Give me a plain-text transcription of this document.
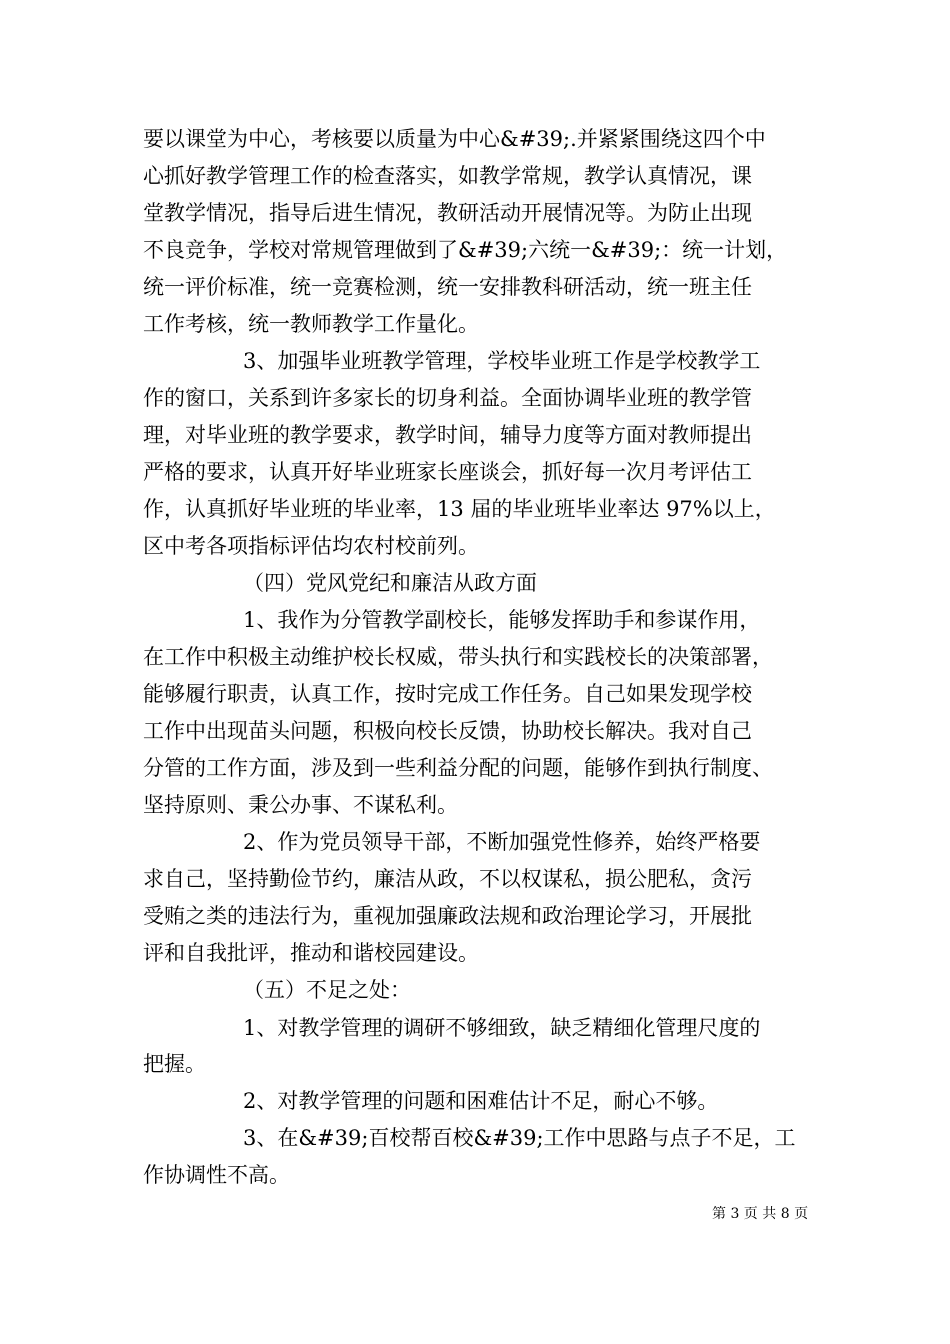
要以课堂为中心，考核要以质量为中心&#39;.并紧紧围绕这四个中
心抓好教学管理工作的检查落实，如教学常规，教学认真情况，课
堂教学情况，指导后进生情况，教研活动开展情况等。为防止出现
不良竞争，学校对常规管理做到了&#39;六统一&#39;：统一计划，
统一评价标准，统一竞赛检测，统一安排教科研活动，统一班主任
工作考核，统一教师教学工作量化。
3、加强毕业班教学管理，学校毕业班工作是学校教学工
作的窗口，关系到许多家长的切身利益。全面协调毕业班的教学管
理，对毕业班的教学要求，教学时间，辅导力度等方面对教师提出
严格的要求，认真开好毕业班家长座谈会，抓好每一次月考评估工
作，认真抓好毕业班的毕业率，13 届的毕业班毕业率达 97%以上，
区中考各项指标评估均农村校前列。
（四）党风党纪和廉洁从政方面
1、我作为分管教学副校长，能够发挥助手和参谋作用，
在工作中积极主动维护校长权威，带头执行和实践校长的决策部署，
能够履行职责，认真工作，按时完成工作任务。自己如果发现学校
工作中出现苗头问题，积极向校长反馈，协助校长解决。我对自己
分管的工作方面，涉及到一些利益分配的问题，能够作到执行制度、
坚持原则、秉公办事、不谋私利。
2、作为党员领导干部，不断加强党性修养，始终严格要
求自己，坚持勤俭节约，廉洁从政，不以权谋私，损公肥私，贪污
受贿之类的违法行为，重视加强廉政法规和政治理论学习，开展批
评和自我批评，推动和谐校园建设。
（五）不足之处：
1、对教学管理的调研不够细致，缺乏精细化管理尺度的
把握。
2、对教学管理的问题和困难估计不足，耐心不够。
3、在&#39;百校帮百校&#39;工作中思路与点子不足，工
作协调性不高。
第 3 页 共 8 页
